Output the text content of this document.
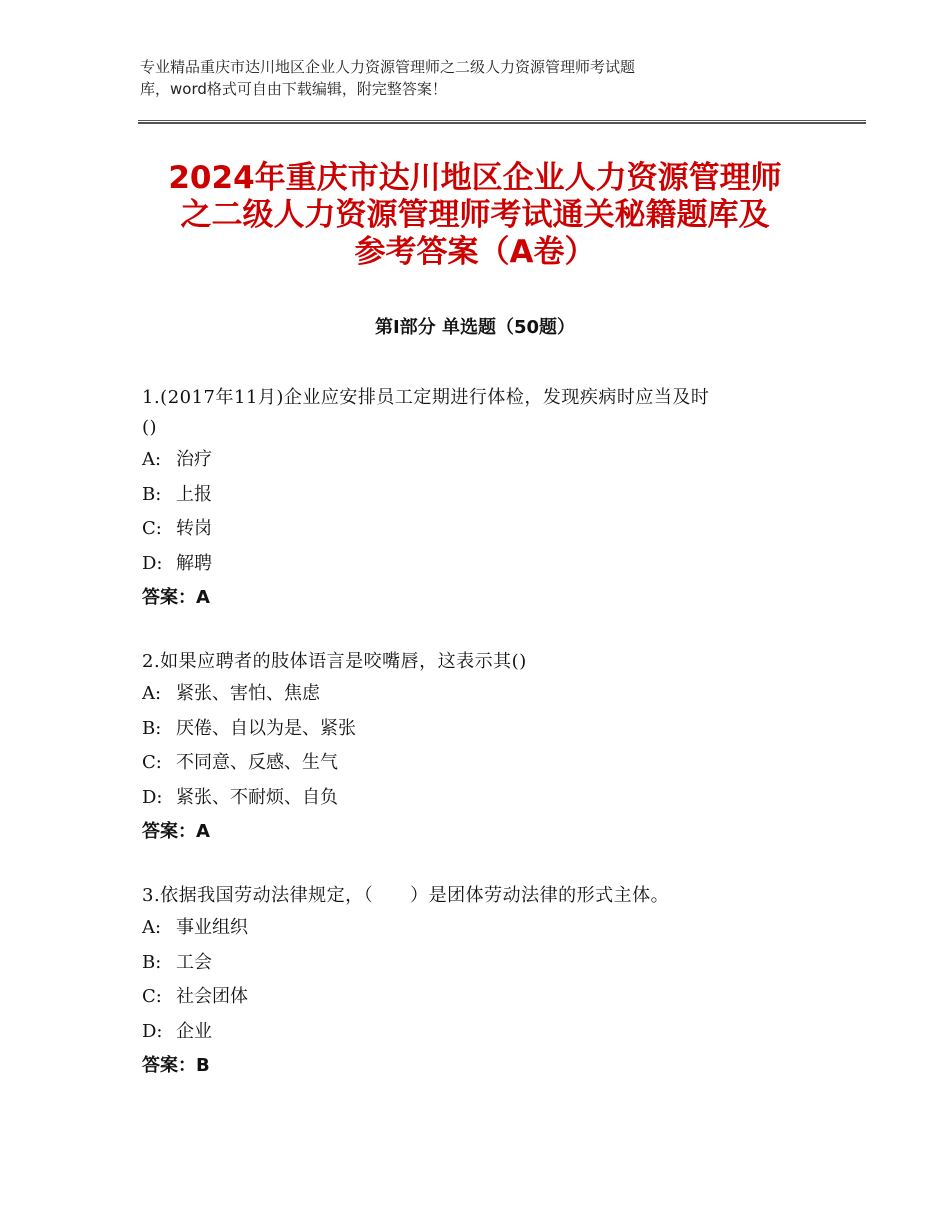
专业精品重庆市达川地区企业人力资源管理师之二级人力资源管理师考试题
库，word格式可自由下载编辑，附完整答案！
2024年重庆市达川地区企业人力资源管理师
之二级人力资源管理师考试通关秘籍题库及
参考答案（A卷）
第Ⅰ部分 单选题（50题）

1.(2017年11月)企业应安排员工定期进行体检，发现疾病时应当及时

()

A: 治疗

B: 上报

C: 转岗

D: 解聘

答案：A

2.如果应聘者的肢体语言是咬嘴唇，这表示其()

A: 紧张、害怕、焦虑

B: 厌倦、自以为是、紧张

C: 不同意、反感、生气

D: 紧张、不耐烦、自负

答案：A

3.依据我国劳动法律规定，（　　）是团体劳动法律的形式主体。

A: 事业组织

B: 工会

C: 社会团体

D: 企业

答案：B
